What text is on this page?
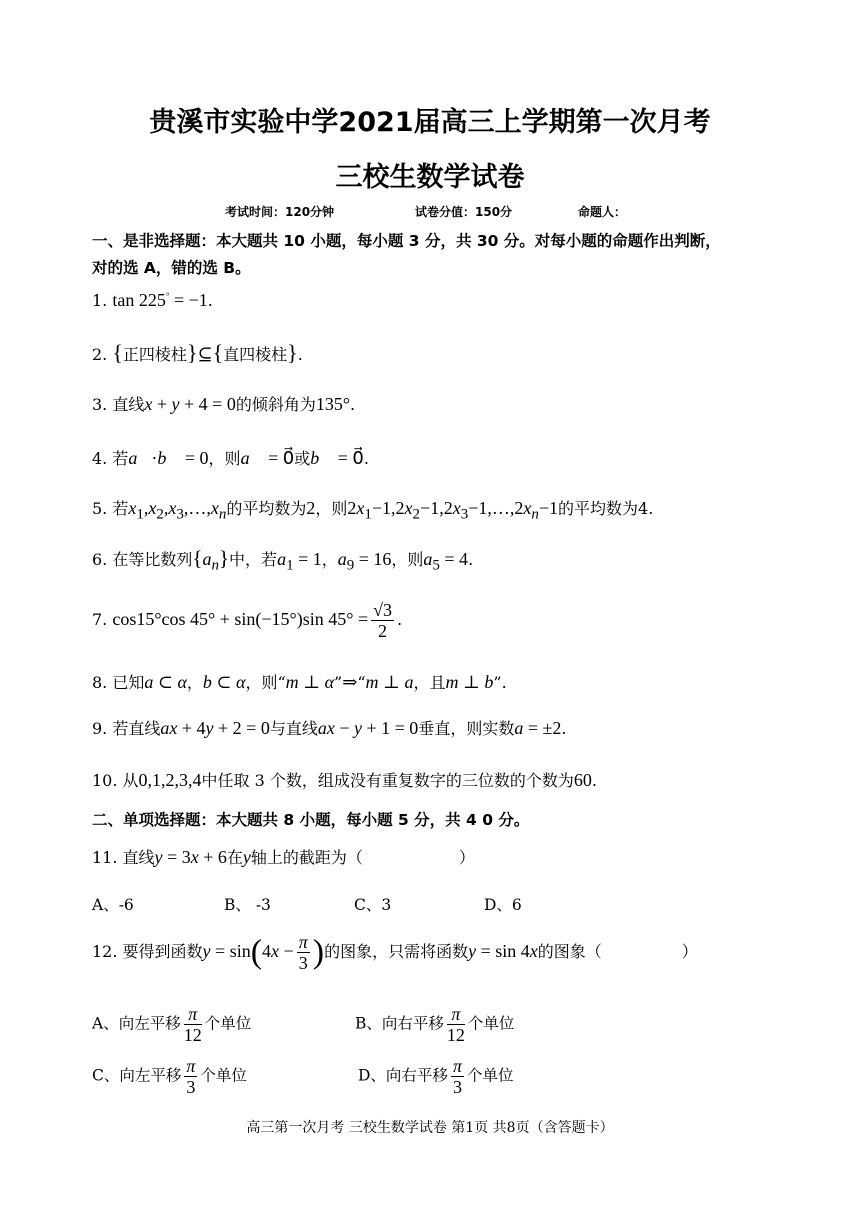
贵溪市实验中学2021届高三上学期第一次月考
三校生数学试卷
考试时间：120分钟	试卷分值：150分	命题人：
一、是非选择题：本大题共 10 小题，每小题 3 分，共 30 分。对每小题的命题作出判断，
对的选 A，错的选 B。
1. tan 225° = −1.
2. {正四棱柱}⊆{直四棱柱}.
3. 直线x + y + 4 = 0的倾斜角为135°.
4. 若a⃗·b⃗ = 0，则a⃗ = 0⃗或b⃗ = 0⃗.
5. 若$x_1,x_2,x_3,\dots,x_n$的平均数为2，则$2x_1-1,2x_2-1,2x_3-1,\dots,2x_n-1$的平均数为4.
6. 在等比数列$\{a_n\}$中，若$a_1 = 1$，$a_9 = 16$，则$a_5 = 4$.
7. cos15°cos 45° + sin(−15°)sin $45^\circ = \frac{√3}{2}$ .
8. 已知a ⊂ α，b ⊂ α，则“m ⊥ α”⇒“m ⊥ a，且m ⊥ b”.
9. 若直线ax + 4y + 2 = 0与直线ax − y + 1 = 0垂直，则实数a = ±2.
10. 从0,1,2,3,4中任取 3 个数，组成没有重复数字的三位数的个数为60.
二、单项选择题：本大题共 8 小题，每小题 5 分，共 4 0 分。
11. 直线y = 3x + 6在y轴上的截距为（　　　　　　）
A、-6	B、 -3	C、3	D、6
12. 要得到函数$y = \sin(4x - \frac{\pi}{3}$ )的图象，只需将函数y = sin 4x的图象（　　　　　）
A、向左平移 $\frac{\pi}{12}$ 个单位	B、向右平移 $\frac{\pi}{12}$ 个单位
C、向左平移 $\frac{\pi}{3}$ 个单位	D、向右平移 $\frac{\pi}{3}$ 个单位
高三第一次月考 三校生数学试卷 第1页 共8页（含答题卡）
